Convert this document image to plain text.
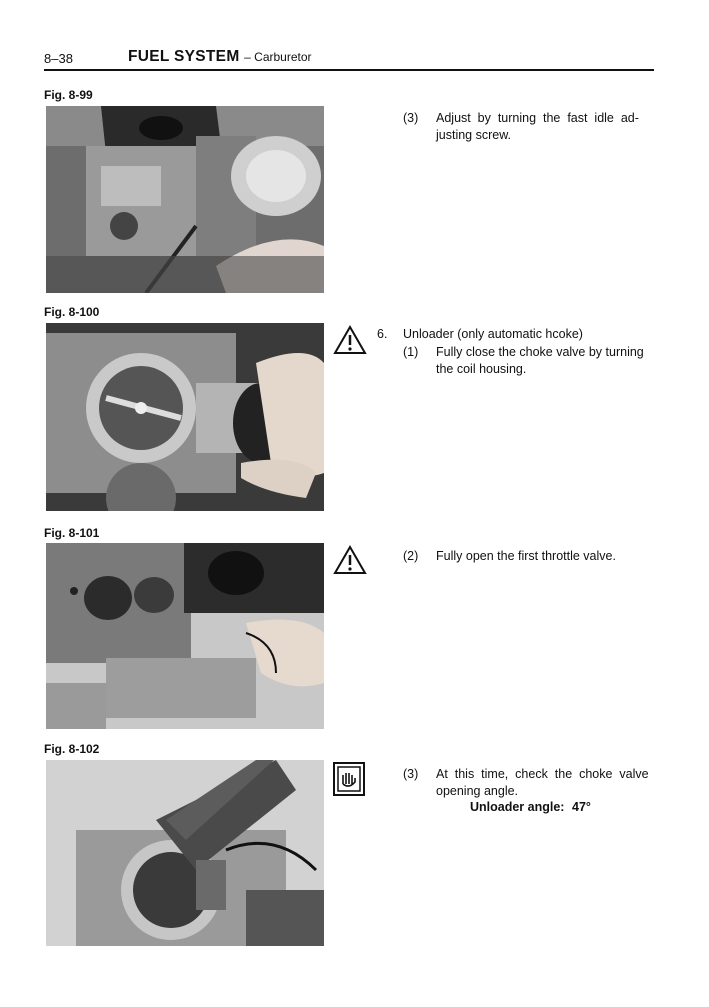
8–38	FUEL SYSTEM – Carburetor
Fig. 8-99
(3) Adjust  by  turning  the  fast  idle  ad-
justing screw.
Fig. 8-100
6. Unloader (only automatic hcoke)
(1) Fully close the choke valve by turning
the coil housing.
Fig. 8-101
(2) Fully open the first throttle valve.
Fig. 8-102
(3) At  this  time,  check  the  choke  valve
opening angle.
Unloader angle: 47°
